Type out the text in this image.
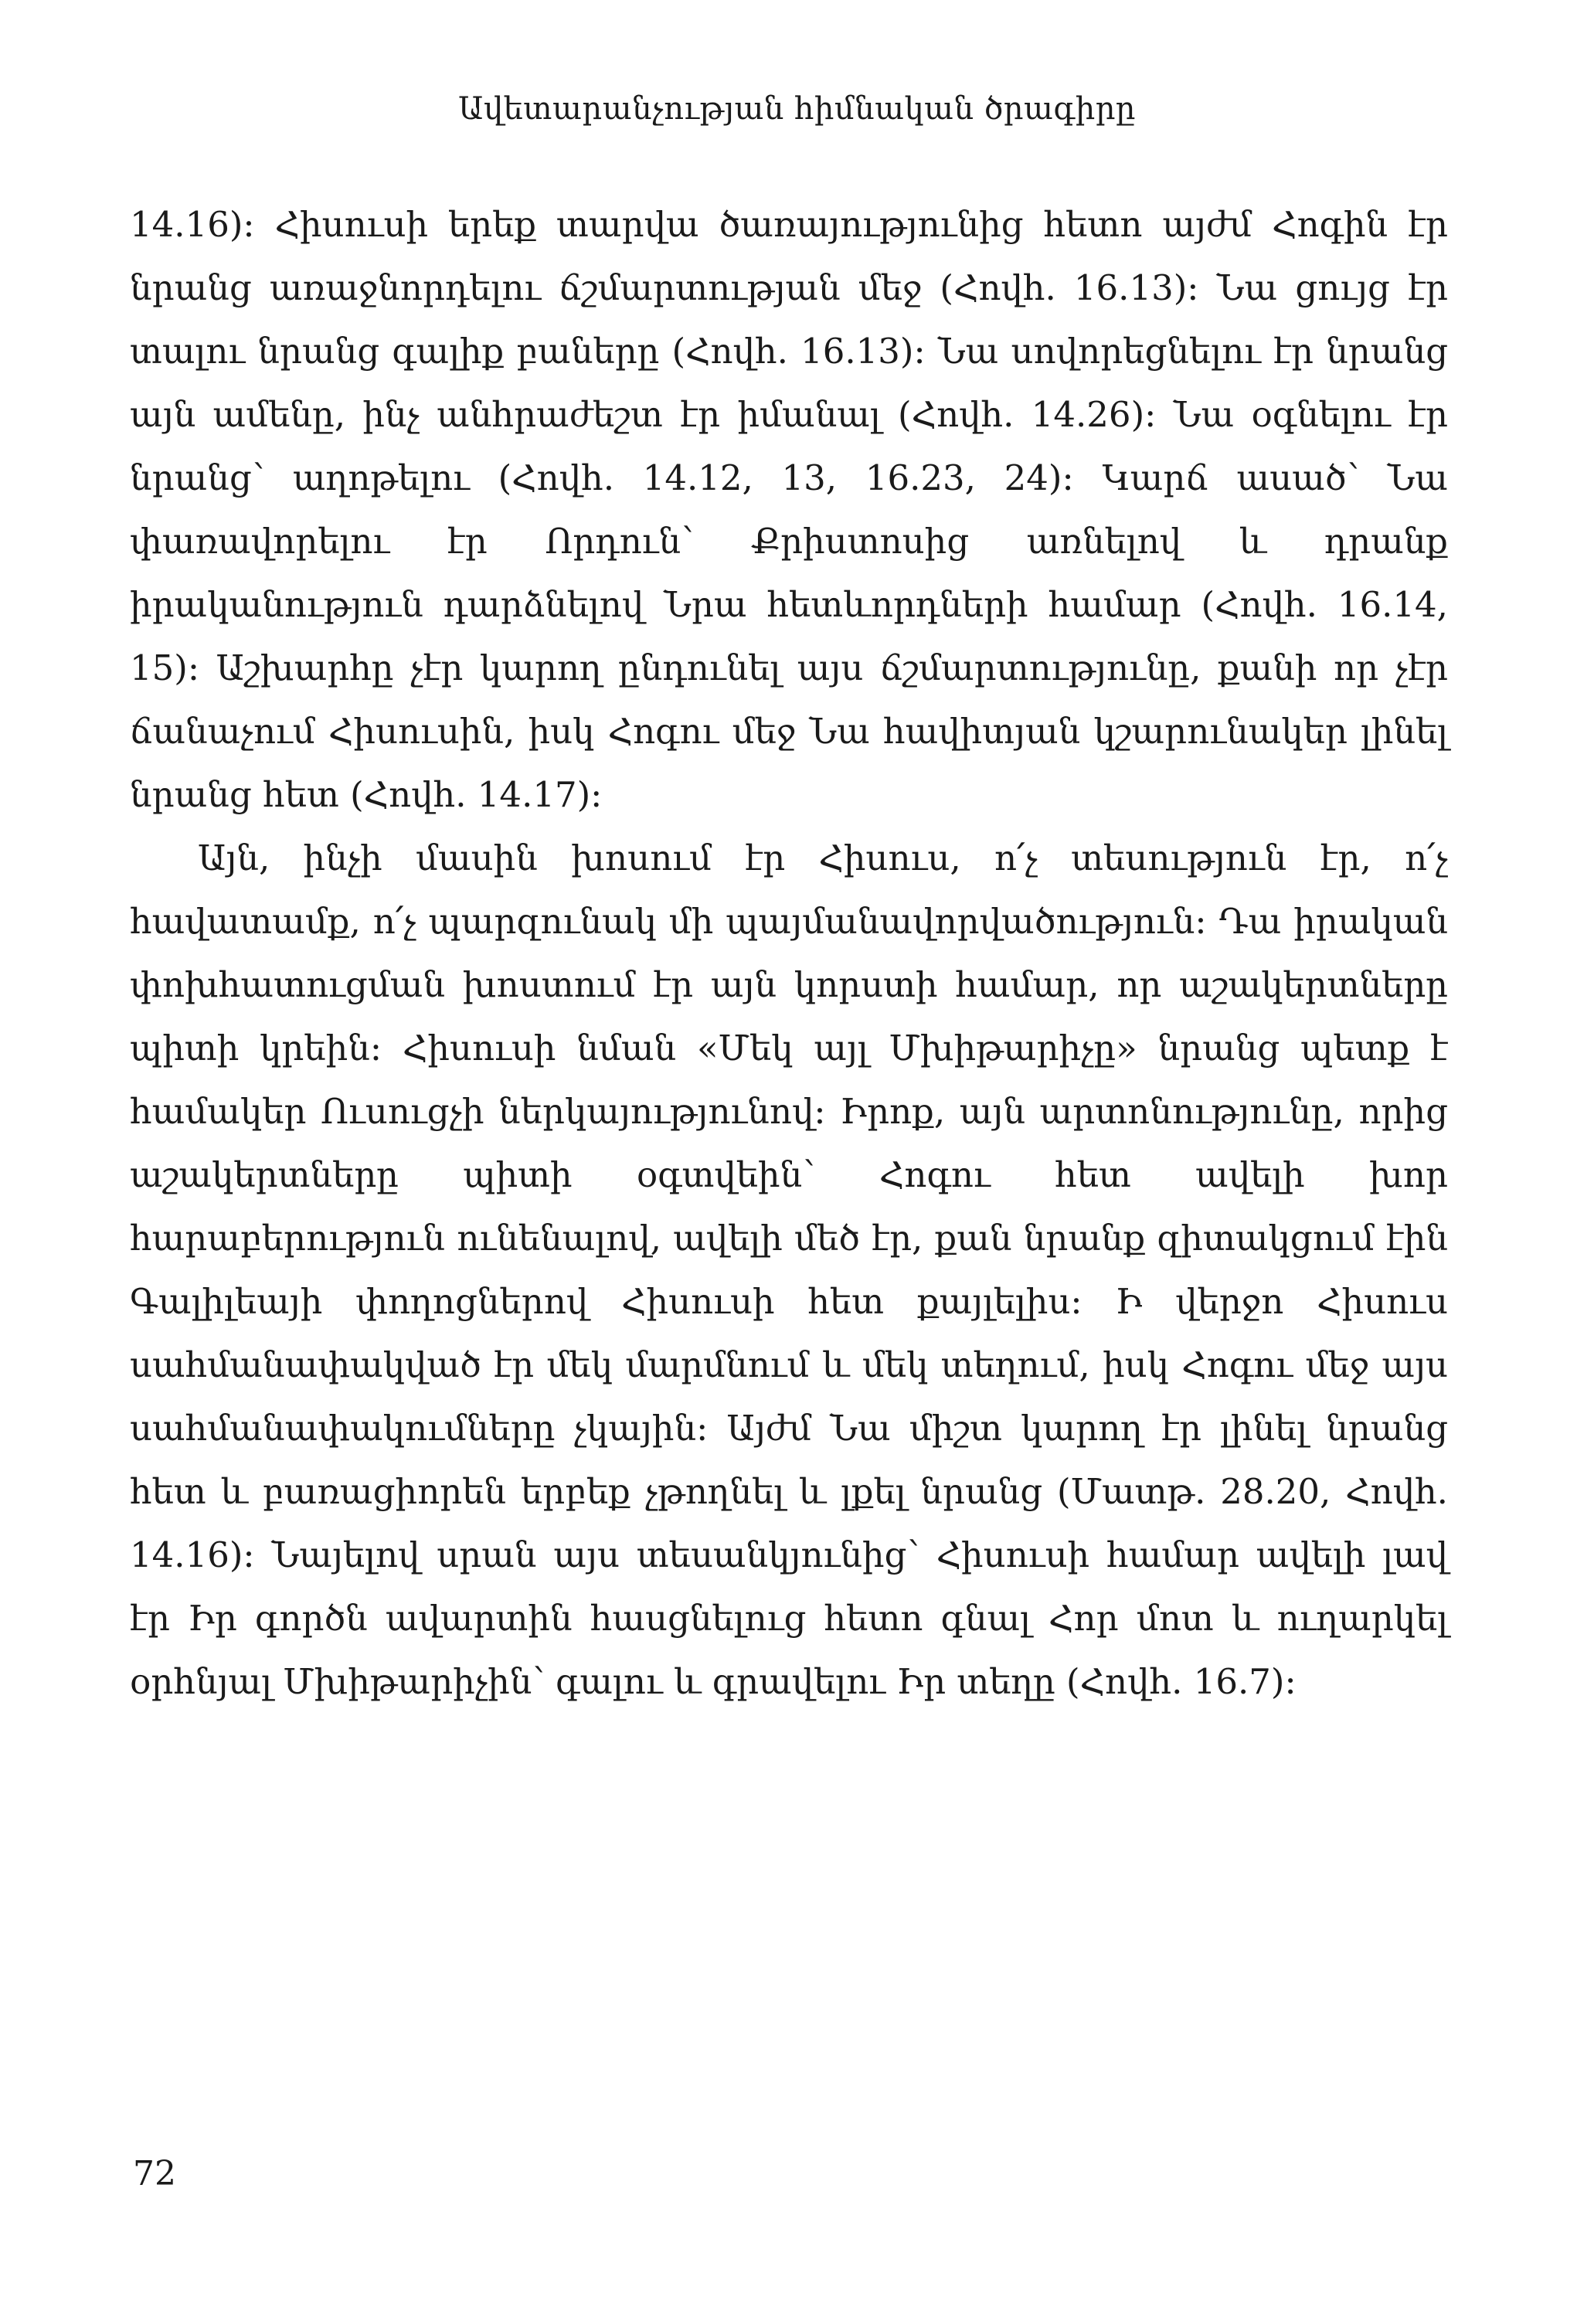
Ավետարանչության հիմնական ծրագիրը

14.16)։ Հիսուսի երեք տարվա ծառայությունից հետո այժմ Հոգին էր նրանց առաջնորդելու ճշմարտության մեջ (Հովհ. 16.13)։ Նա ցույց էր տալու նրանց գալիք բաները (Հովհ. 16.13)։ Նա սովորեցնելու էր նրանց այն ամենը, ինչ անհրաժեշտ էր իմանալ (Հովհ. 14.26)։ Նա օգնելու էր նրանց՝ աղոթելու (Հովհ. 14.12, 13, 16.23, 24)։ Կարճ ասած՝ Նա փառավորելու էր Որդուն՝ Քրիստոսից առնելով և դրանք իրականություն դարձնելով Նրա հետևորդների համար (Հովհ. 16.14, 15)։ Աշխարհը չէր կարող ընդունել այս ճշմարտությունը, քանի որ չէր ճանաչում Հիսուսին, իսկ Հոգու մեջ Նա հավիտյան կշարունակեր լինել նրանց հետ (Հովհ. 14.17)։

Այն, ինչի մասին խոսում էր Հիսուս, ո՛չ տեսություն էր, ո՛չ հավատամք, ո՛չ պարզունակ մի պայմանավորվածություն։ Դա իրական փոխհատուցման խոստում էր այն կորստի համար, որ աշակերտները պիտի կրեին։ Հիսուսի նման «Մեկ այլ Մխիթարիչը» նրանց պետք է համակեր Ուսուցչի ներկայությունով։ Իրոք, այն արտոնությունը, որից աշակերտները պիտի օգտվեին՝ Հոգու հետ ավելի խոր հարաբերություն ունենալով, ավելի մեծ էր, քան նրանք զիտակցում էին Գալիլեայի փողոցներով Հիսուսի հետ քայլելիս։ Ի վերջո Հիսուս սահմանափակված էր մեկ մարմնում և մեկ տեղում, իսկ Հոգու մեջ այս սահմանափակումները չկային։ Այժմ Նա միշտ կարող էր լինել նրանց հետ և բառացիորեն երբեք չթողնել և լքել նրանց (Մատթ. 28.20, Հովհ. 14.16)։ Նայելով սրան այս տեսանկյունից՝ Հիսուսի համար ավելի լավ էր Իր գործն ավարտին հասցնելուց հետո գնալ Հոր մոտ և ուղարկել օրհնյալ Մխիթարիչին՝ գալու և գրավելու Իր տեղը (Հովհ. 16.7)։

72
